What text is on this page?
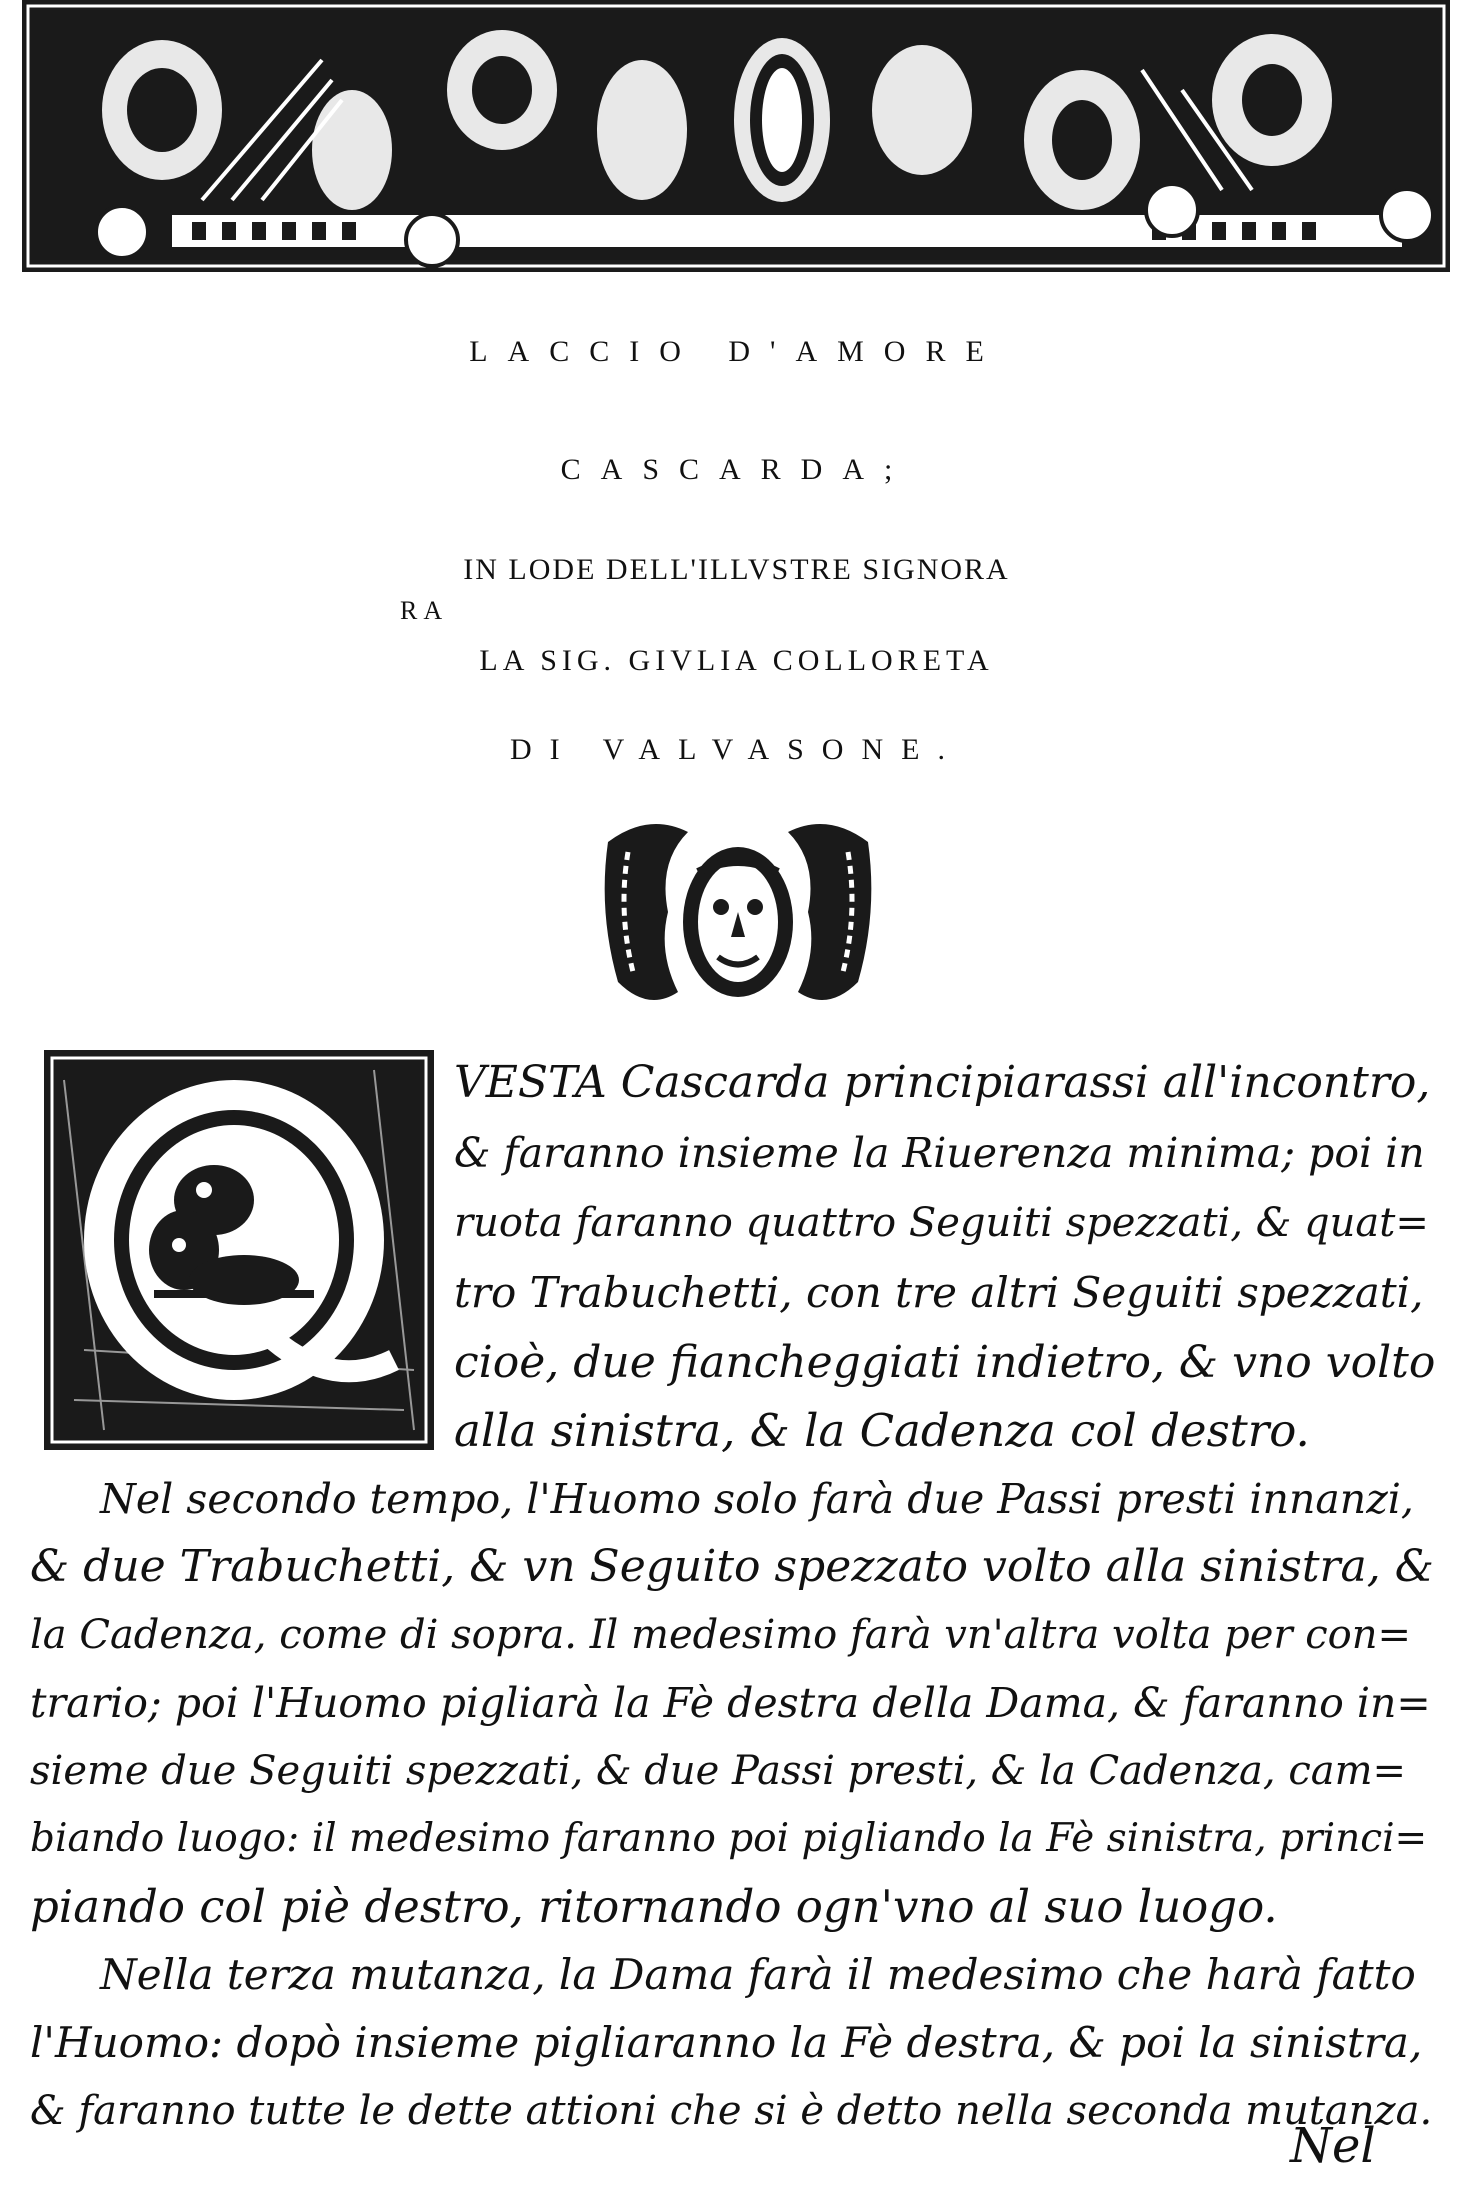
LACCIO D'AMORE
CASCARDA;
IN LODE DELL'ILLVSTRE SIGNORA
RA
LA SIG. GIVLIA COLLORETA
DI VALVASONE.
VESTA Cascarda principiarassi all'incontro,
& faranno insieme la Riuerenza minima; poi in
ruota faranno quattro Seguiti spezzati, & quat=
tro Trabuchetti, con tre altri Seguiti spezzati,
cioè, due fiancheggiati indietro, & vno volto
alla sinistra, & la Cadenza col destro.
Nel secondo tempo, l'Huomo solo farà due Passi presti innanzi,
& due Trabuchetti, & vn Seguito spezzato volto alla sinistra, &
la Cadenza, come di sopra. Il medesimo farà vn'altra volta per con=
trario; poi l'Huomo pigliarà la Fè destra della Dama, & faranno in=
sieme due Seguiti spezzati, & due Passi presti, & la Cadenza, cam=
biando luogo: il medesimo faranno poi pigliando la Fè sinistra, princi=
piando col piè destro, ritornando ogn'vno al suo luogo.
Nella terza mutanza, la Dama farà il medesimo che harà fatto
l'Huomo: dopò insieme pigliaranno la Fè destra, & poi la sinistra,
& faranno tutte le dette attioni che si è detto nella seconda mutanza.
Nel
